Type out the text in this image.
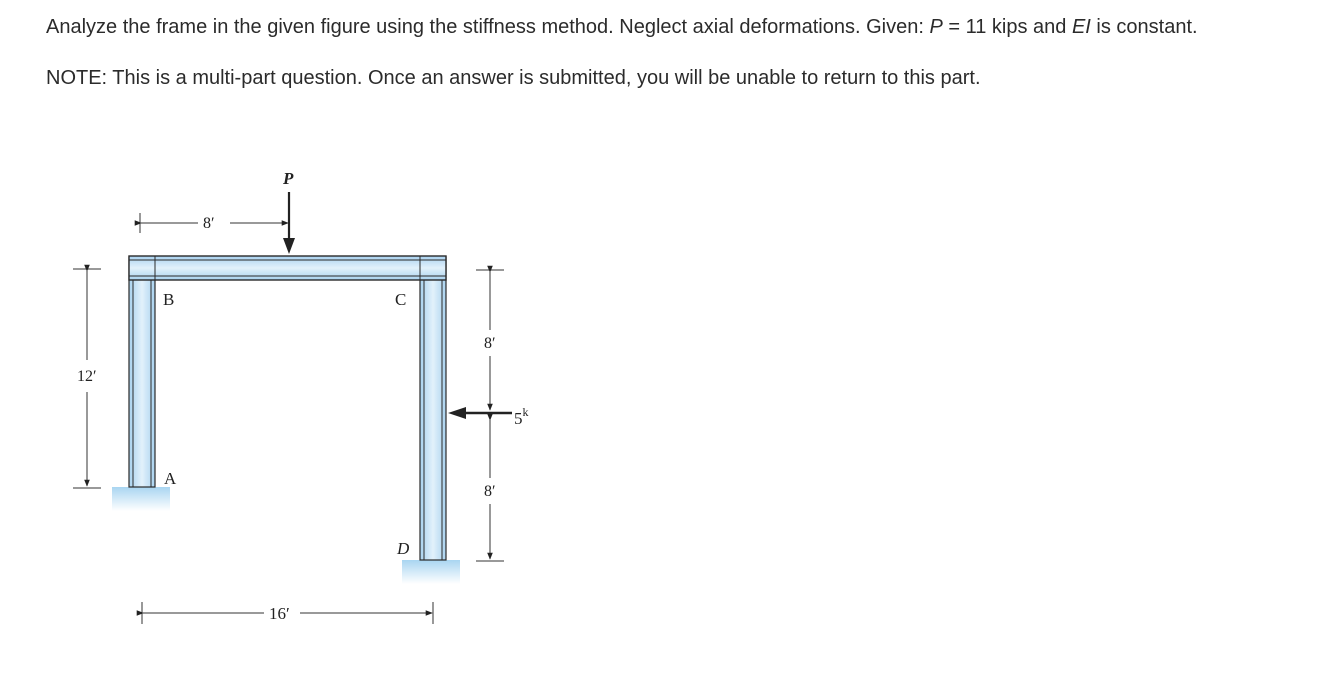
Analyze the frame in the given figure using the stiffness method. Neglect axial deformations. Given: P = 11 kips and EI is constant.

NOTE: This is a multi-part question. Once an answer is submitted, you will be unable to return to this part.

B
A
C
D
P
8′
12′
8′
8′
5$^k$
16′
